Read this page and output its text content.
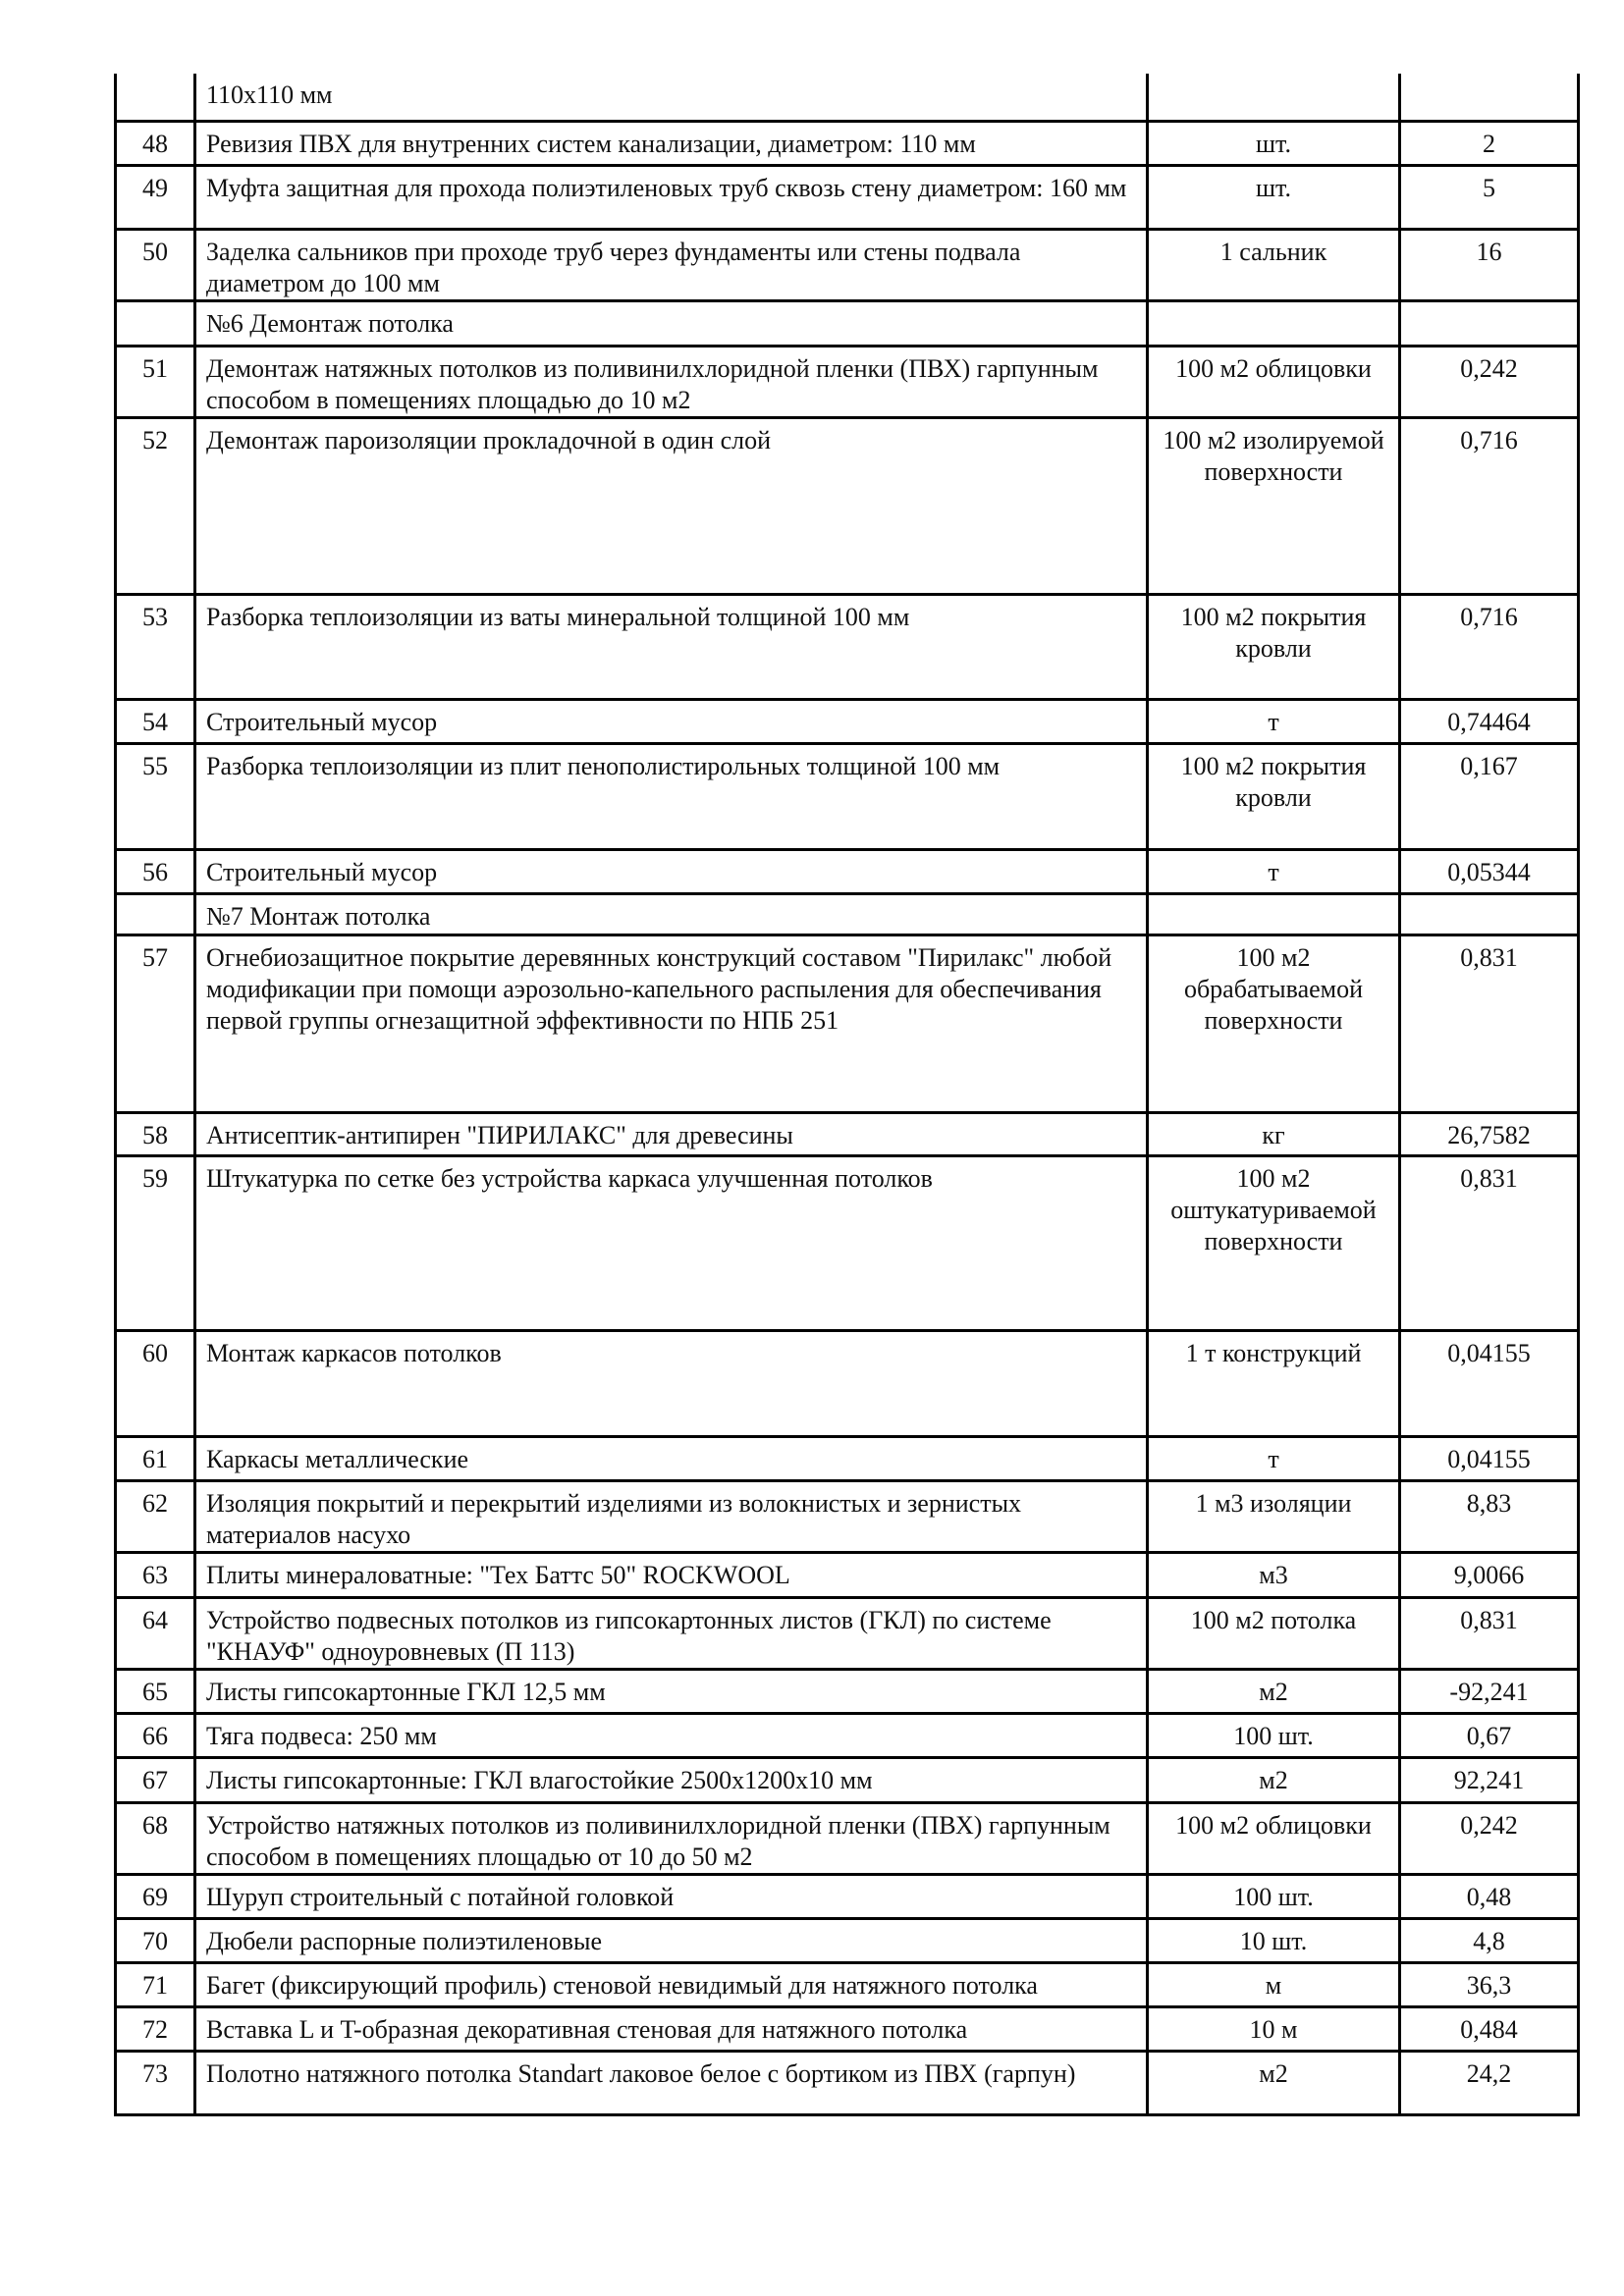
	110х110 мм		
48	Ревизия ПВХ для внутренних систем канализации, диаметром: 110 мм	шт.	2
49	Муфта защитная для прохода полиэтиленовых труб сквозь стену диаметром: 160 мм	шт.	5
50	Заделка сальников при проходе труб через фундаменты или стены подвала диаметром до 100 мм	1 сальник	16
	№6 Демонтаж потолка		
51	Демонтаж натяжных потолков из поливинилхлоридной пленки (ПВХ) гарпунным способом в помещениях площадью до 10 м2	100 м2 облицовки	0,242
52	Демонтаж пароизоляции прокладочной в один слой	100 м2 изолируемой поверхности	0,716
53	Разборка теплоизоляции из ваты минеральной толщиной 100 мм	100 м2 покрытия кровли	0,716
54	Строительный мусор	т	0,74464
55	Разборка теплоизоляции из плит пенополистирольных толщиной 100 мм	100 м2 покрытия кровли	0,167
56	Строительный мусор	т	0,05344
	№7 Монтаж потолка		
57	Огнебиозащитное покрытие деревянных конструкций составом "Пирилакс" любой модификации при помощи аэрозольно-капельного распыления для обеспечивания первой группы огнезащитной эффективности по НПБ 251	100 м2 обрабатываемой поверхности	0,831
58	Антисептик-антипирен "ПИРИЛАКС" для древесины	кг	26,7582
59	Штукатурка по сетке без устройства каркаса улучшенная потолков	100 м2 оштукатуриваемой поверхности	0,831
60	Монтаж каркасов потолков	1 т конструкций	0,04155
61	Каркасы металлические	т	0,04155
62	Изоляция покрытий и перекрытий изделиями из волокнистых и зернистых материалов насухо	1 м3 изоляции	8,83
63	Плиты минераловатные: "Тех Баттс 50" ROCKWOOL	м3	9,0066
64	Устройство подвесных потолков из гипсокартонных листов (ГКЛ) по системе "КНАУФ" одноуровневых (П 113)	100 м2 потолка	0,831
65	Листы гипсокартонные ГКЛ 12,5 мм	м2	-92,241
66	Тяга подвеса: 250 мм	100 шт.	0,67
67	Листы гипсокартонные: ГКЛ влагостойкие 2500х1200х10 мм	м2	92,241
68	Устройство натяжных потолков из поливинилхлоридной пленки (ПВХ) гарпунным способом в помещениях площадью от 10 до 50 м2	100 м2 облицовки	0,242
69	Шуруп строительный с потайной головкой	100 шт.	0,48
70	Дюбели распорные полиэтиленовые	10 шт.	4,8
71	Багет (фиксирующий профиль) стеновой невидимый для натяжного потолка	м	36,3
72	Вставка L и T-образная декоративная стеновая для натяжного потолка	10 м	0,484
73	Полотно натяжного потолка Standart лаковое белое с бортиком из ПВХ (гарпун)	м2	24,2
